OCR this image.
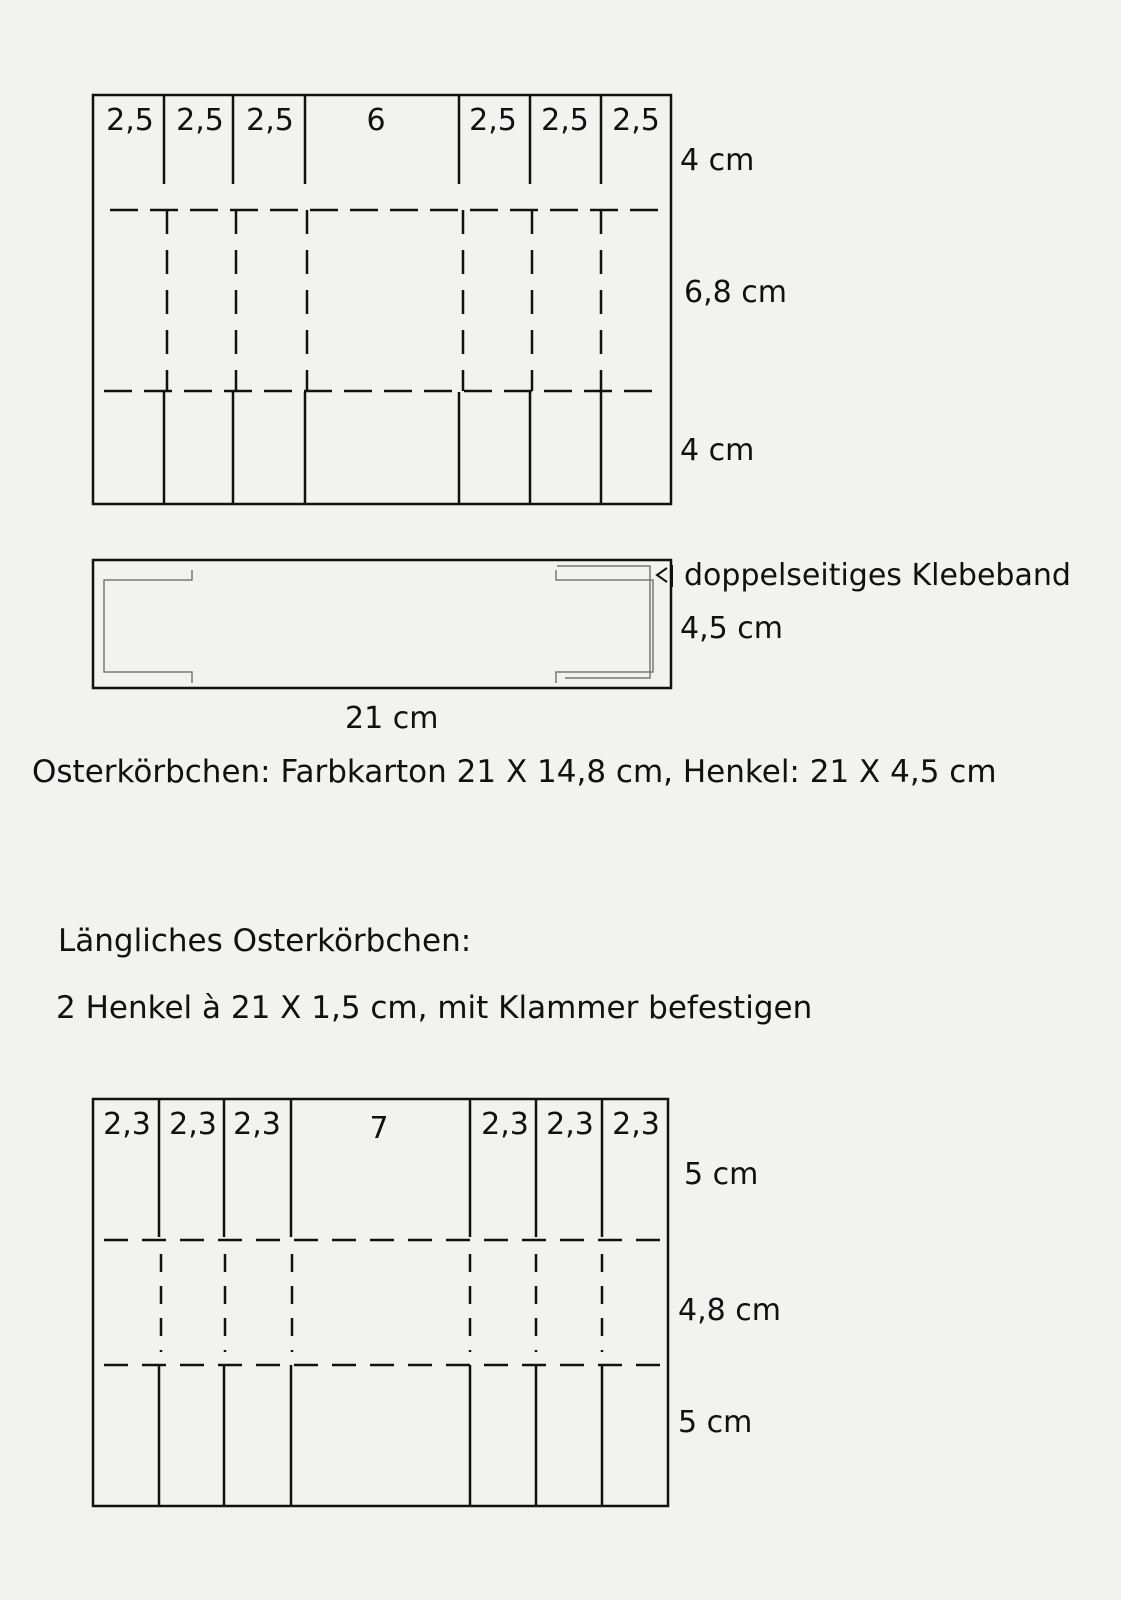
2,5 2,5 2,5 6	2,5 2,5 2,5
4 cm
6,8 cm
4 cm
doppelseitiges Klebeband
4,5 cm
21 cm
2,3 2,3 2,3	7	2,3 2,3 2,3
5 cm
4,8 cm
5 cm
Osterkörbchen: Farbkarton 21 X 14,8 cm, Henkel: 21 X 4,5 cm
Längliches Osterkörbchen:
2 Henkel à 21 X 1,5 cm, mit Klammer befestigen
